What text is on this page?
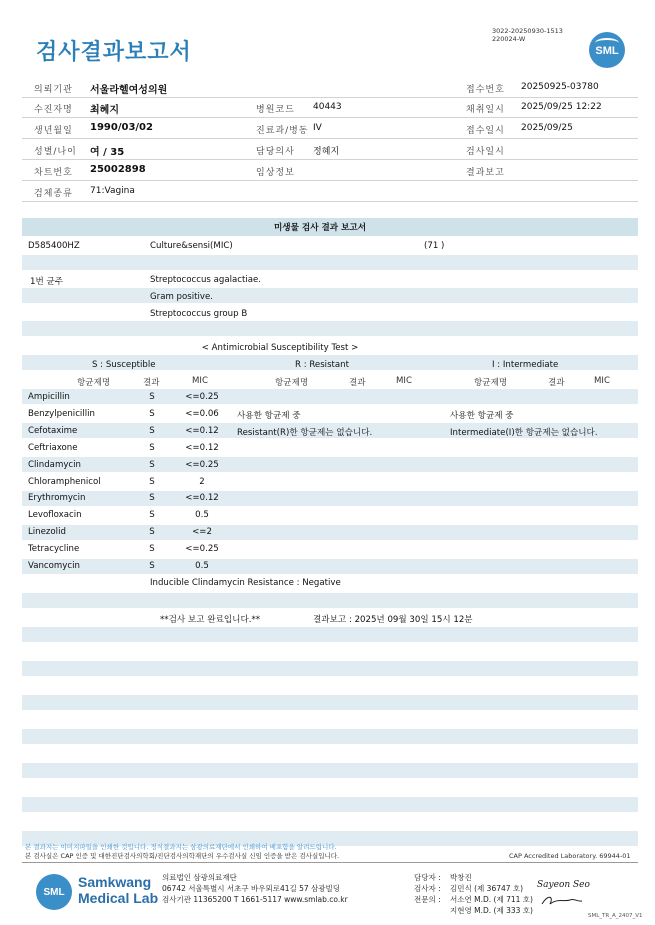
3022-20250930-1513
220024-W
검사결과보고서	SML
의뢰기관 서울라헬여성의원	접수번호 20250925-03780
수진자명 최혜지	병원코드 40443	채취일시 2025/09/25 12:22
생년월일 1990/03/02	진료과/병동 IV	접수일시 2025/09/25
성별/나이 여 / 35	담당의사 정혜지	검사일시
차트번호 25002898	임상정보	결과보고
검체종류 71:Vagina
미생물 검사 결과 보고서
D585400HZ	Culture&sensi(MIC)	(71 )
1번 균주	Streptococcus agalactiae.
Gram positive.
Streptococcus group B
< Antimicrobial Susceptibility Test >
S : Susceptible	R : Resistant	I : Intermediate
항균제명	결과	MIC	항균제명	결과	MIC	항균제명	결과	MIC
Ampicillin	S	<=0.25
Benzylpenicillin	S	<=0.06
Cefotaxime	S	<=0.12
Ceftriaxone	S	<=0.12
Clindamycin	S	<=0.25
Chloramphenicol	S	2
Erythromycin	S	<=0.12
Levofloxacin	S	0.5
Linezolid	S	<=2
Tetracycline	S	<=0.25
Vancomycin	S	0.5
사용한 항균제 중
Resistant(R)한 항균제는 없습니다.
사용한 항균제 중
Intermediate(I)한 항균제는 없습니다.
Inducible Clindamycin Resistance : Negative
**검사 보고 완료입니다.**	결과보고 : 2025년 09월 30일 15시 12분
본 결과지는 이미지파일을 인쇄한 것입니다. 정식결과지는 삼광의료재단에서 인쇄하여 배포함을 알려드립니다.
본 검사실은 CAP 인증 및 대한진단검사의학회/진단검사의학재단의 우수검사실 신임 인증을 받은 검사실입니다.	CAP Accredited Laboratory. 69944-01
SML
Samkwang
Medical Lab
의료법인 삼광의료재단
06742 서울특별시 서초구 바우뫼로41길 57 삼광빌딩
검사기관 11365200 T 1661-5117 www.smlab.co.kr
담당자 :
검사자 :
전문의 :

박창진
김민식 (제 36747 호)
서소연 M.D. (제 711 호)
지현영 M.D. (제 333 호)
Sayeon Seo
SML_TR_A_2407_V1
